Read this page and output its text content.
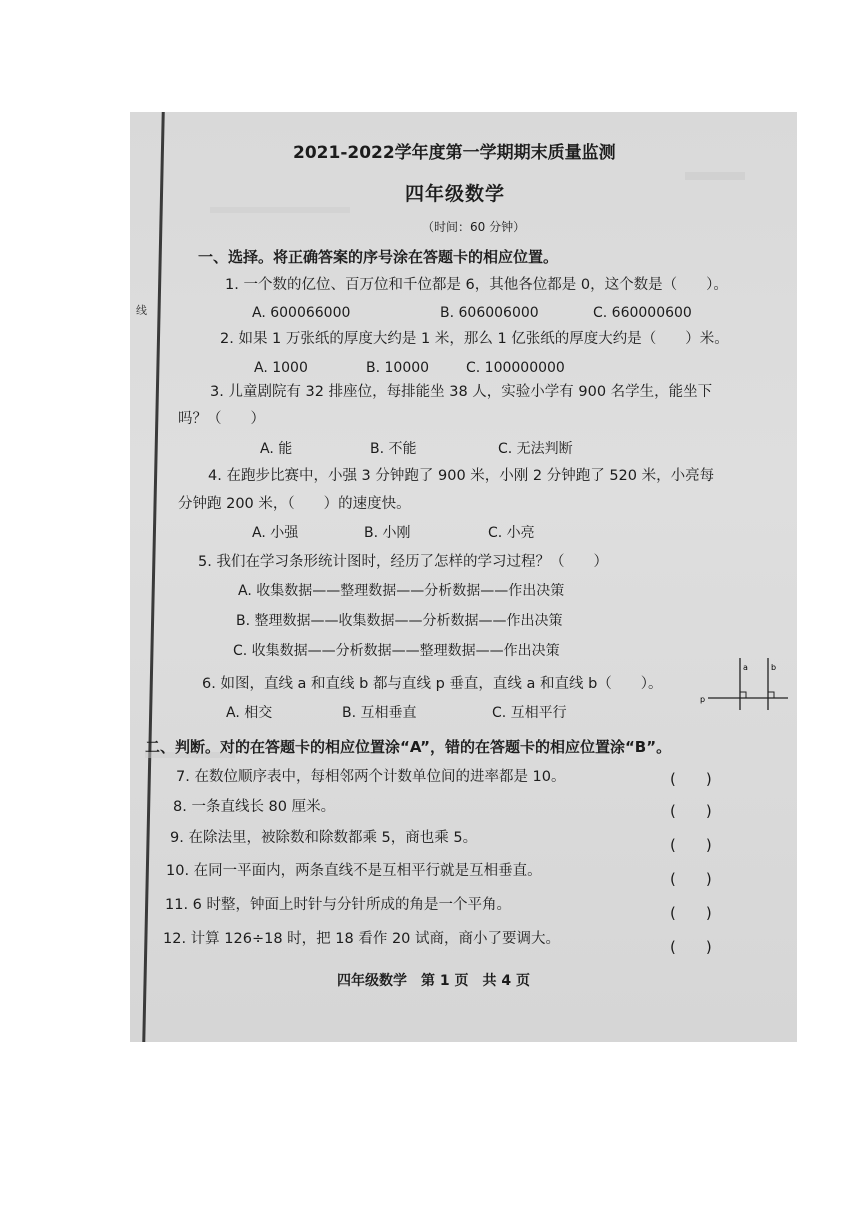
线
2021-2022学年度第一学期期末质量监测
四年级数学
（时间：60 分钟）
一、选择。将正确答案的序号涂在答题卡的相应位置。
1. 一个数的亿位、百万位和千位都是 6，其他各位都是 0，这个数是（　　）。
A. 600066000	B. 606006000	C. 660000600
2. 如果 1 万张纸的厚度大约是 1 米，那么 1 亿张纸的厚度大约是（　　）米。
A. 1000	B. 10000	C. 100000000
3. 儿童剧院有 32 排座位，每排能坐 38 人，实验小学有 900 名学生，能坐下
吗？（　　）
A. 能	B. 不能	C. 无法判断
4. 在跑步比赛中，小强 3 分钟跑了 900 米，小刚 2 分钟跑了 520 米，小亮每
分钟跑 200 米，（　　）的速度快。
A. 小强	B. 小刚	C. 小亮
5. 我们在学习条形统计图时，经历了怎样的学习过程？（　　）
A. 收集数据——整理数据——分析数据——作出决策
B. 整理数据——收集数据——分析数据——作出决策
C. 收集数据——分析数据——整理数据——作出决策
6. 如图，直线 a 和直线 b 都与直线 p 垂直，直线 a 和直线 b（　　）。
A. 相交	B. 互相垂直	C. 互相平行
a	b
p
二、判断。对的在答题卡的相应位置涂“A”，错的在答题卡的相应位置涂“B”。
7. 在数位顺序表中，每相邻两个计数单位间的进率都是 10。	(　　)
8. 一条直线长 80 厘米。	(　　)
9. 在除法里，被除数和除数都乘 5，商也乘 5。	(　　)
10. 在同一平面内，两条直线不是互相平行就是互相垂直。	(　　)
11. 6 时整，钟面上时针与分针所成的角是一个平角。	(　　)
12. 计算 126÷18 时，把 18 看作 20 试商，商小了要调大。	(　　)
四年级数学　第 1 页　共 4 页
